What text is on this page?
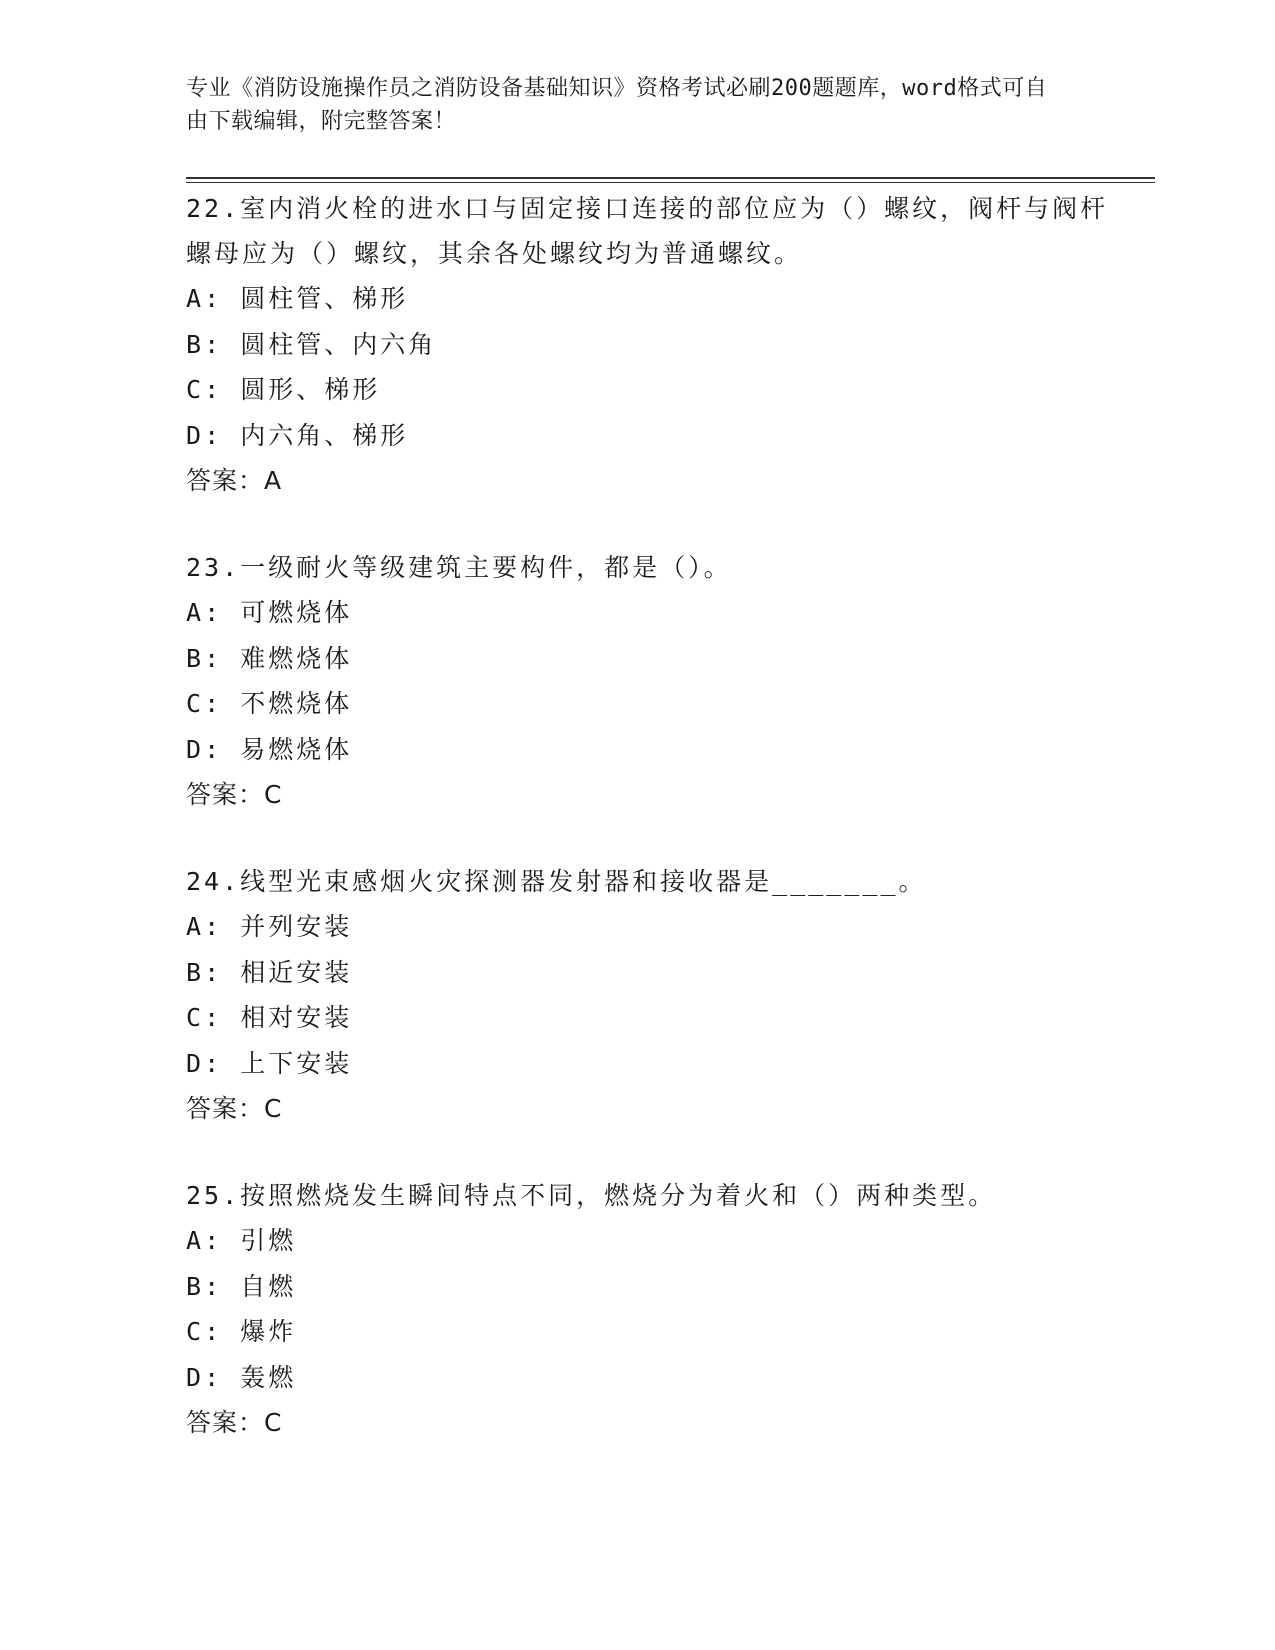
专业《消防设施操作员之消防设备基础知识》资格考试必刷200题题库，word格式可自由下载编辑，附完整答案！

22.室内消火栓的进水口与固定接口连接的部位应为（）螺纹，阀杆与阀杆螺母应为（）螺纹，其余各处螺纹均为普通螺纹。

A: 圆柱管、梯形

B: 圆柱管、内六角

C: 圆形、梯形

D: 内六角、梯形

答案：A

23.一级耐火等级建筑主要构件，都是（）。

A: 可燃烧体

B: 难燃烧体

C: 不燃烧体

D: 易燃烧体

答案：C

24.线型光束感烟火灾探测器发射器和接收器是_______。

A: 并列安装

B: 相近安装

C: 相对安装

D: 上下安装

答案：C

25.按照燃烧发生瞬间特点不同，燃烧分为着火和（）两种类型。

A: 引燃

B: 自燃

C: 爆炸

D: 轰燃

答案：C
